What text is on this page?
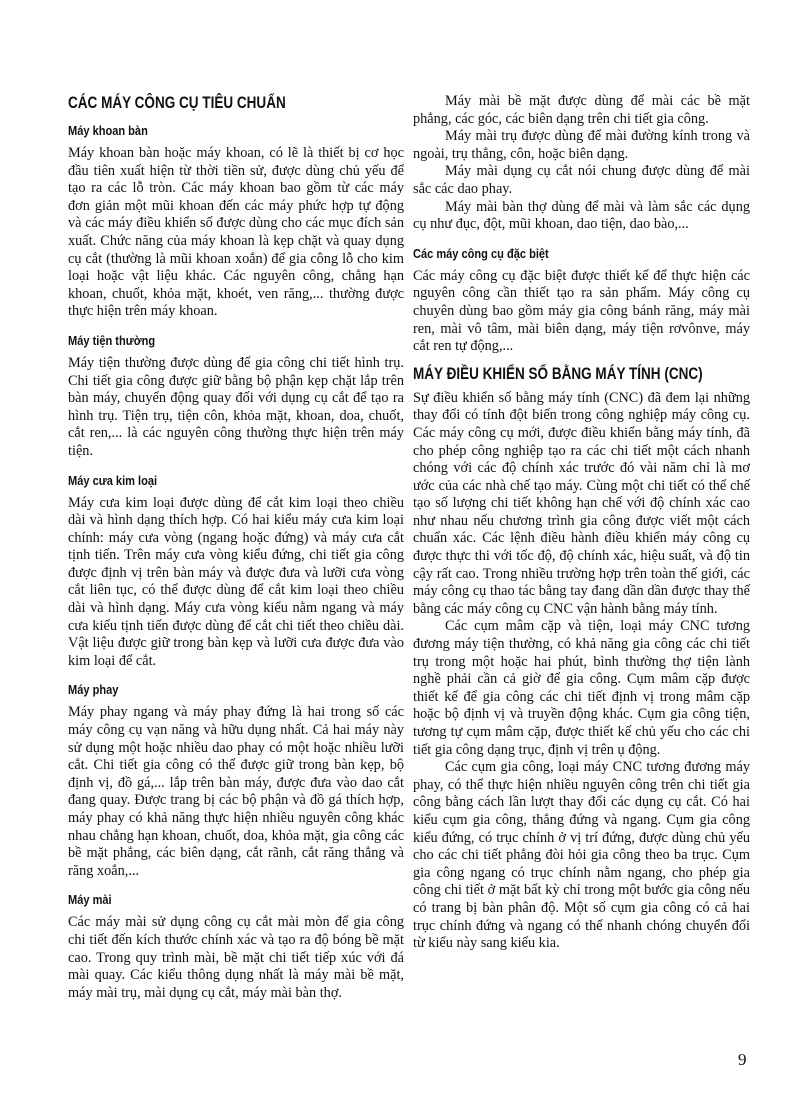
CÁC MÁY CÔNG CỤ TIÊU CHUẨN
Máy khoan bàn

Máy khoan bàn hoặc máy khoan, có lẽ là thiết bị cơ học đầu tiên xuất hiện từ thời tiền sử, được dùng chủ yếu để tạo ra các lỗ tròn. Các máy khoan bao gồm từ các máy đơn giản một mũi khoan đến các máy phức hợp tự động và các máy điều khiển số được dùng cho các mục đích sản xuất. Chức năng của máy khoan là kẹp chặt và quay dụng cụ cắt (thường là mũi khoan xoắn) để gia công lỗ cho kim loại hoặc vật liệu khác. Các nguyên công, chẳng hạn khoan, chuốt, khỏa mặt, khoét, ven răng,... thường được thực hiện trên máy khoan.

Máy tiện thường

Máy tiện thường được dùng để gia công chi tiết hình trụ. Chi tiết gia công được giữ bằng bộ phận kẹp chặt lắp trên bàn máy, chuyển động quay đối với dụng cụ cắt để tạo ra hình trụ. Tiện trụ, tiện côn, khỏa mặt, khoan, doa, chuốt, cắt ren,... là các nguyên công thường thực hiện trên máy tiện.

Máy cưa kim loại

Máy cưa kim loại được dùng để cắt kim loại theo chiều dài và hình dạng thích hợp. Có hai kiểu máy cưa kim loại chính: máy cưa vòng (ngang hoặc đứng) và máy cưa cắt tịnh tiến. Trên máy cưa vòng kiểu đứng, chi tiết gia công được định vị trên bàn máy và được đưa và lưỡi cưa vòng cắt liên tục, có thể được dùng để cắt kim loại theo chiều dài và hình dạng. Máy cưa vòng kiểu nằm ngang và máy cưa kiểu tịnh tiến được dùng để cắt chi tiết theo chiều dài. Vật liệu được giữ trong bàn kẹp và lưỡi cưa được đưa vào kim loại để cắt.

Máy phay

Máy phay ngang và máy phay đứng là hai trong số các máy công cụ vạn năng và hữu dụng nhất. Cả hai máy này sử dụng một hoặc nhiều dao phay có một hoặc nhiều lưỡi cắt. Chi tiết gia công có thể được giữ trong bàn kẹp, bộ định vị, đồ gá,... lắp trên bàn máy, được đưa vào dao cắt đang quay. Được trang bị các bộ phận và đồ gá thích hợp, máy phay có khả năng thực hiện nhiều nguyên công khác nhau chẳng hạn khoan, chuốt, doa, khỏa mặt, gia công các bề mặt phẳng, các biên dạng, cắt rãnh, cắt răng thẳng và răng xoắn,...

Máy mài

Các máy mài sử dụng công cụ cắt mài mòn để gia công chi tiết đến kích thước chính xác và tạo ra độ bóng bề mặt cao. Trong quy trình mài, bề mặt chi tiết tiếp xúc với đá mài quay. Các kiểu thông dụng nhất là máy mài bề mặt, máy mài trụ, mài dụng cụ cắt, máy mài bàn thợ.

Máy mài bề mặt được dùng để mài các bề mặt phẳng, các góc, các biên dạng trên chi tiết gia công.

Máy mài trụ được dùng để mài đường kính trong và ngoài, trụ thẳng, côn, hoặc biên dạng.

Máy mài dụng cụ cắt nói chung được dùng để mài sắc các dao phay.

Máy mài bàn thợ dùng để mài và làm sắc các dụng cụ như đục, đột, mũi khoan, dao tiện, dao bào,...

Các máy công cụ đặc biệt

Các máy công cụ đặc biệt được thiết kế để thực hiện các nguyên công cần thiết tạo ra sản phẩm. Máy công cụ chuyên dùng bao gồm máy gia công bánh răng, máy mài ren, mài vô tâm, mài biên dạng, máy tiện rơvônve, máy cắt ren tự động,...

MÁY ĐIỀU KHIỂN SỐ BẰNG MÁY TÍNH (CNC)

Sự điều khiển số bằng máy tính (CNC) đã đem lại những thay đổi có tính đột biến trong công nghiệp máy công cụ. Các máy công cụ mới, được điều khiển bằng máy tính, đã cho phép công nghiệp tạo ra các chi tiết một cách nhanh chóng với các độ chính xác trước đó vài năm chỉ là mơ ước của các nhà chế tạo máy. Cùng một chi tiết có thể chế tạo số lượng chi tiết không hạn chế với độ chính xác cao như nhau nếu chương trình gia công được viết một cách chuẩn xác. Các lệnh điều hành điều khiển máy công cụ được thực thi với tốc độ, độ chính xác, hiệu suất, và độ tin cậy rất cao. Trong nhiều trường hợp trên toàn thế giới, các máy công cụ thao tác bằng tay đang dần dần được thay thế bằng các máy công cụ CNC vận hành bằng máy tính.

Các cụm mâm cặp và tiện, loại máy CNC tương đương máy tiện thường, có khả năng gia công các chi tiết trụ trong một hoặc hai phút, bình thường thợ tiện lành nghề phải cần cả giờ để gia công. Cụm mâm cặp được thiết kế để gia công các chi tiết định vị trong mâm cặp hoặc bộ định vị và truyền động khác. Cụm gia công tiện, tương tự cụm mâm cặp, được thiết kế chủ yếu cho các chi tiết gia công dạng trục, định vị trên ụ động.

Các cụm gia công, loại máy CNC tương đương máy phay, có thể thực hiện nhiều nguyên công trên chi tiết gia công bằng cách lần lượt thay đổi các dụng cụ cắt. Có hai kiểu cụm gia công, thẳng đứng và ngang. Cụm gia công kiểu đứng, có trục chính ở vị trí đứng, được dùng chủ yếu cho các chi tiết phẳng đòi hỏi gia công theo ba trục. Cụm gia công ngang có trục chính nằm ngang, cho phép gia công chi tiết ở mặt bất kỳ chỉ trong một bước gia công nếu có trang bị bàn phân độ. Một số cụm gia công có cả hai trục chính đứng và ngang có thể nhanh chóng chuyển đổi từ kiểu này sang kiểu kia.

9
